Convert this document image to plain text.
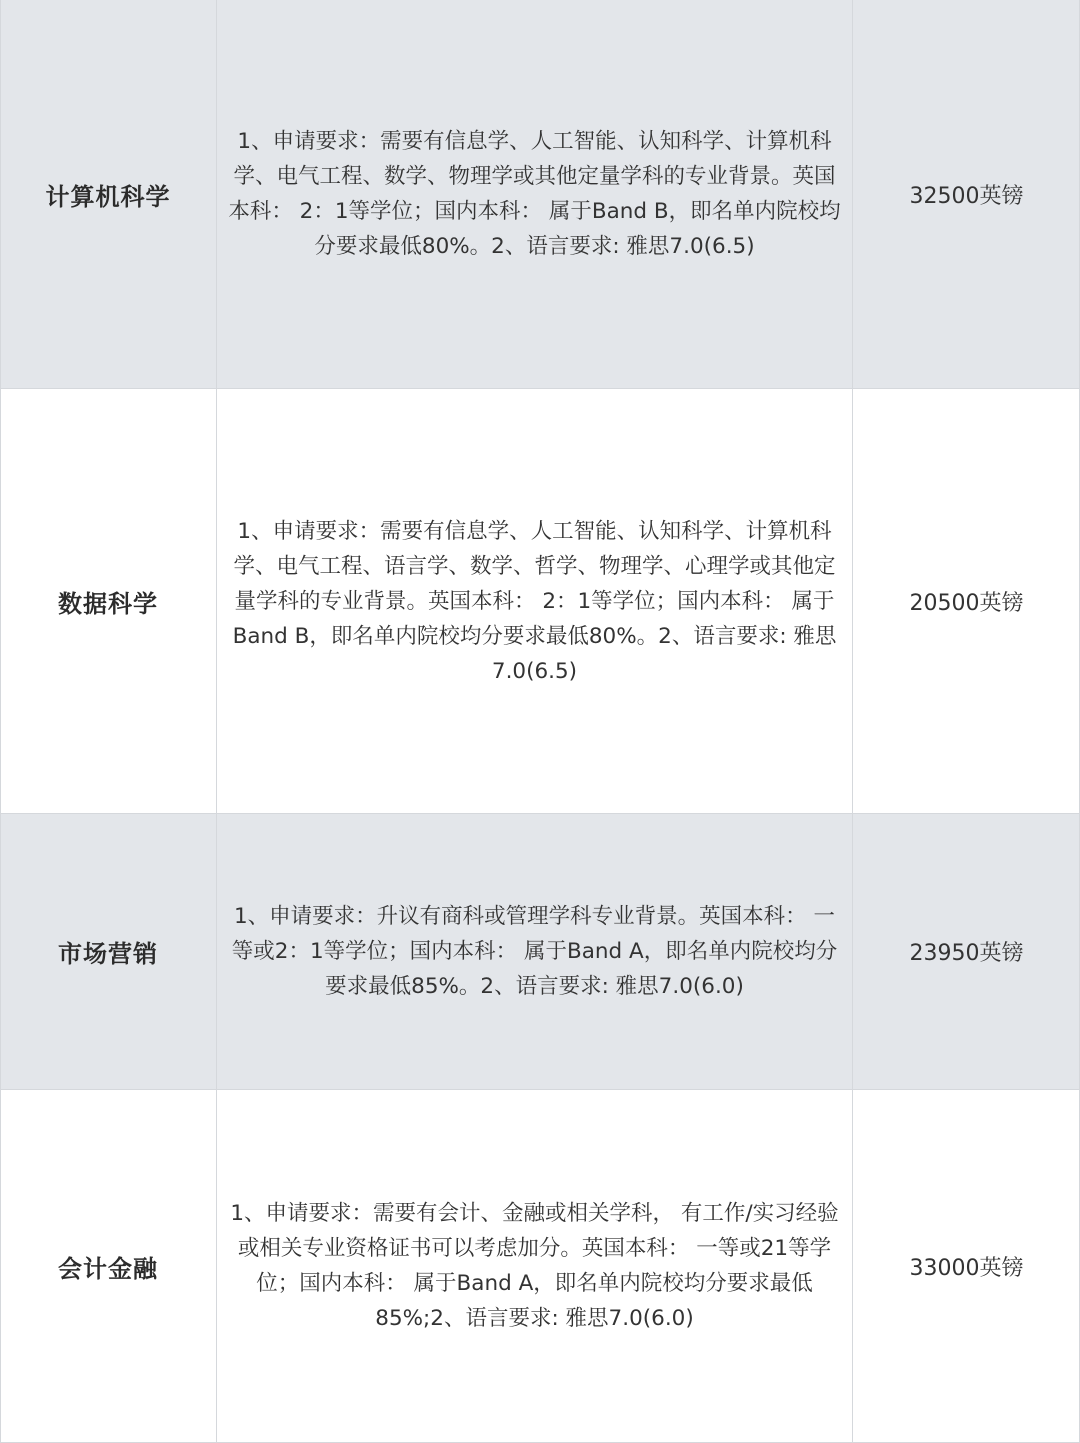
计算机科学
1、申请要求：需要有信息学、人工智能、认知科学、计算机科学、电气工程、数学、物理学或其他定量学科的专业背景。英国本科： 2：1等学位；国内本科： 属于Band B，即名单内院校均分要求最低80%。2、语言要求: 雅思7.0(6.5)
32500英镑
数据科学
1、申请要求：需要有信息学、人工智能、认知科学、计算机科学、电气工程、语言学、数学、哲学、物理学、心理学或其他定量学科的专业背景。英国本科： 2：1等学位；国内本科： 属于Band B，即名单内院校均分要求最低80%。2、语言要求: 雅思7.0(6.5)
20500英镑
市场营销
1、申请要求：升议有商科或管理学科专业背景。英国本科： 一等或2：1等学位；国内本科： 属于Band A，即名单内院校均分要求最低85%。2、语言要求: 雅思7.0(6.0)
23950英镑
会计金融
1、申请要求：需要有会计、金融或相关学科， 有工作/实习经验或相关专业资格证书可以考虑加分。英国本科： 一等或21等学位；国内本科： 属于Band A，即名单内院校均分要求最低85%;2、语言要求: 雅思7.0(6.0)
33000英镑
